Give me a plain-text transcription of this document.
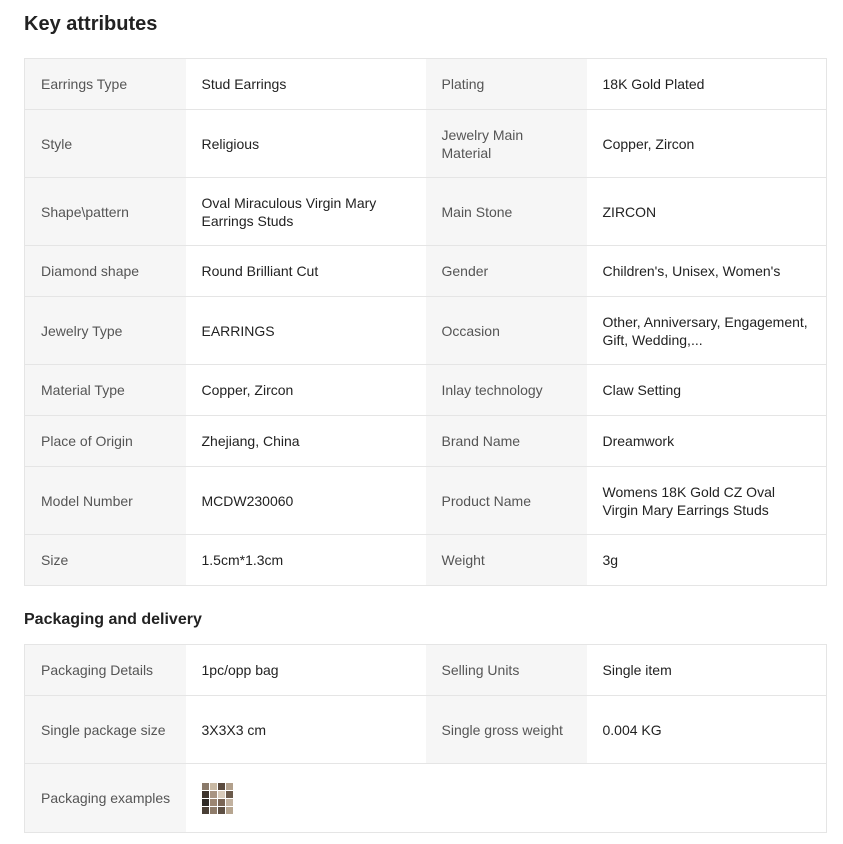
Key attributes
Earrings Type	Stud Earrings	Plating	18K Gold Plated
Style	Religious	Jewelry Main Material	Copper, Zircon
Shape\pattern	Oval Miraculous Virgin Mary Earrings Studs	Main Stone	ZIRCON
Diamond shape	Round Brilliant Cut	Gender	Children's, Unisex, Women's
Jewelry Type	EARRINGS	Occasion	Other, Anniversary, Engagement, Gift, Wedding,...
Material Type	Copper, Zircon	Inlay technology	Claw Setting
Place of Origin	Zhejiang, China	Brand Name	Dreamwork
Model Number	MCDW230060	Product Name	Womens 18K Gold CZ Oval Virgin Mary Earrings Studs
Size	1.5cm*1.3cm	Weight	3g
Packaging and delivery
Packaging Details	1pc/opp bag	Selling Units	Single item
Single package size	3X3X3 cm	Single gross weight	0.004 KG
Packaging examples			
